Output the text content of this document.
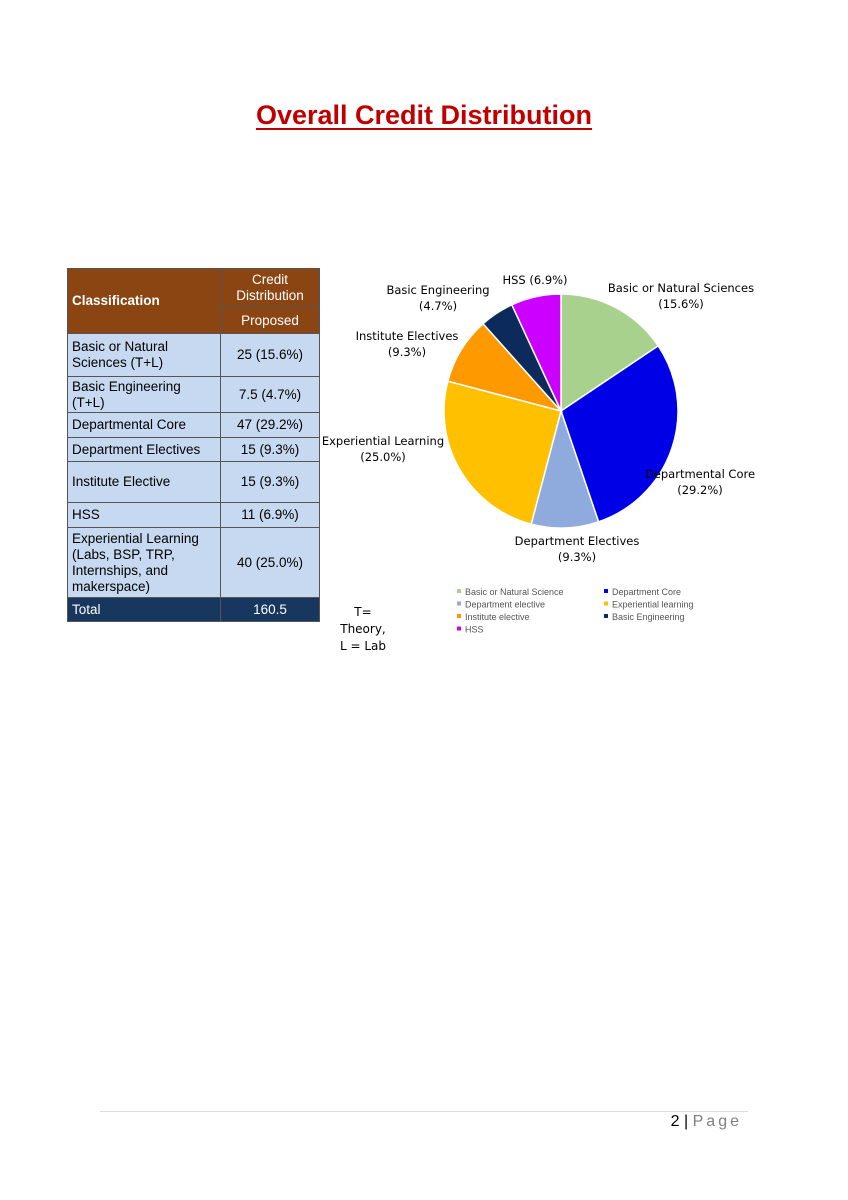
Overall Credit Distribution
Classification	Credit Distribution
	Proposed
Basic or Natural Sciences (T+L)	25 (15.6%)
Basic Engineering (T+L)	7.5 (4.7%)
Departmental Core	47 (29.2%)
Department Electives	15 (9.3%)
Institute Elective	15 (9.3%)
HSS	11 (6.9%)
Experiential Learning (Labs, BSP, TRP, Internships, and makerspace)	40 (25.0%)
Total	160.5	T= Theory,
L = Lab
Basic or Natural Sciences (15.6%)
Departmental Core (29.2%)
Department Electives (9.3%)
Experiential Learning (25.0%)
Institute Electives (9.3%)
Basic Engineering (4.7%)
HSS (6.9%)
Basic or Natural Science	Department Core
Department elective	Experiential learning
Institute elective	Basic Engineering
HSS
2 | Page
